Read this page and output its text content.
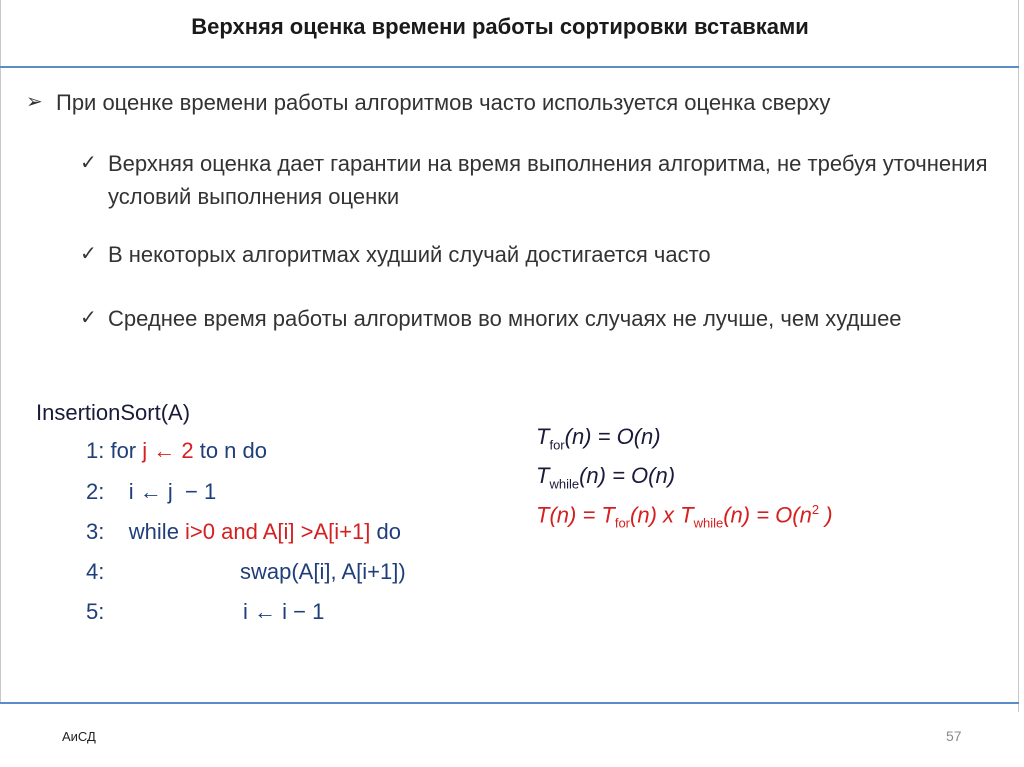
Верхняя оценка времени работы сортировки вставками
➢ При оценке времени работы алгоритмов часто используется оценка сверху
✓ Верхняя оценка дает гарантии на время выполнения алгоритма, не требуя уточнения условий выполнения оценки
✓ В некоторых алгоритмах худший случай достигается часто
✓ Среднее время работы алгоритмов во многих случаях не лучше, чем худшее
InsertionSort(A)
1: for j ← 2 to n do
2:    i ← j  − 1
3:    while i>0 and A[i] >A[i+1] do
4:	swap(A[i], A[i+1])
5:	i ← i − 1
$T_{for}(n) = O(n)$
$T_{while}(n) = O(n)$
$T(n) = T_{for}(n)$ x $T_{while}(n) = O(n^2$ )
АиСД	57
